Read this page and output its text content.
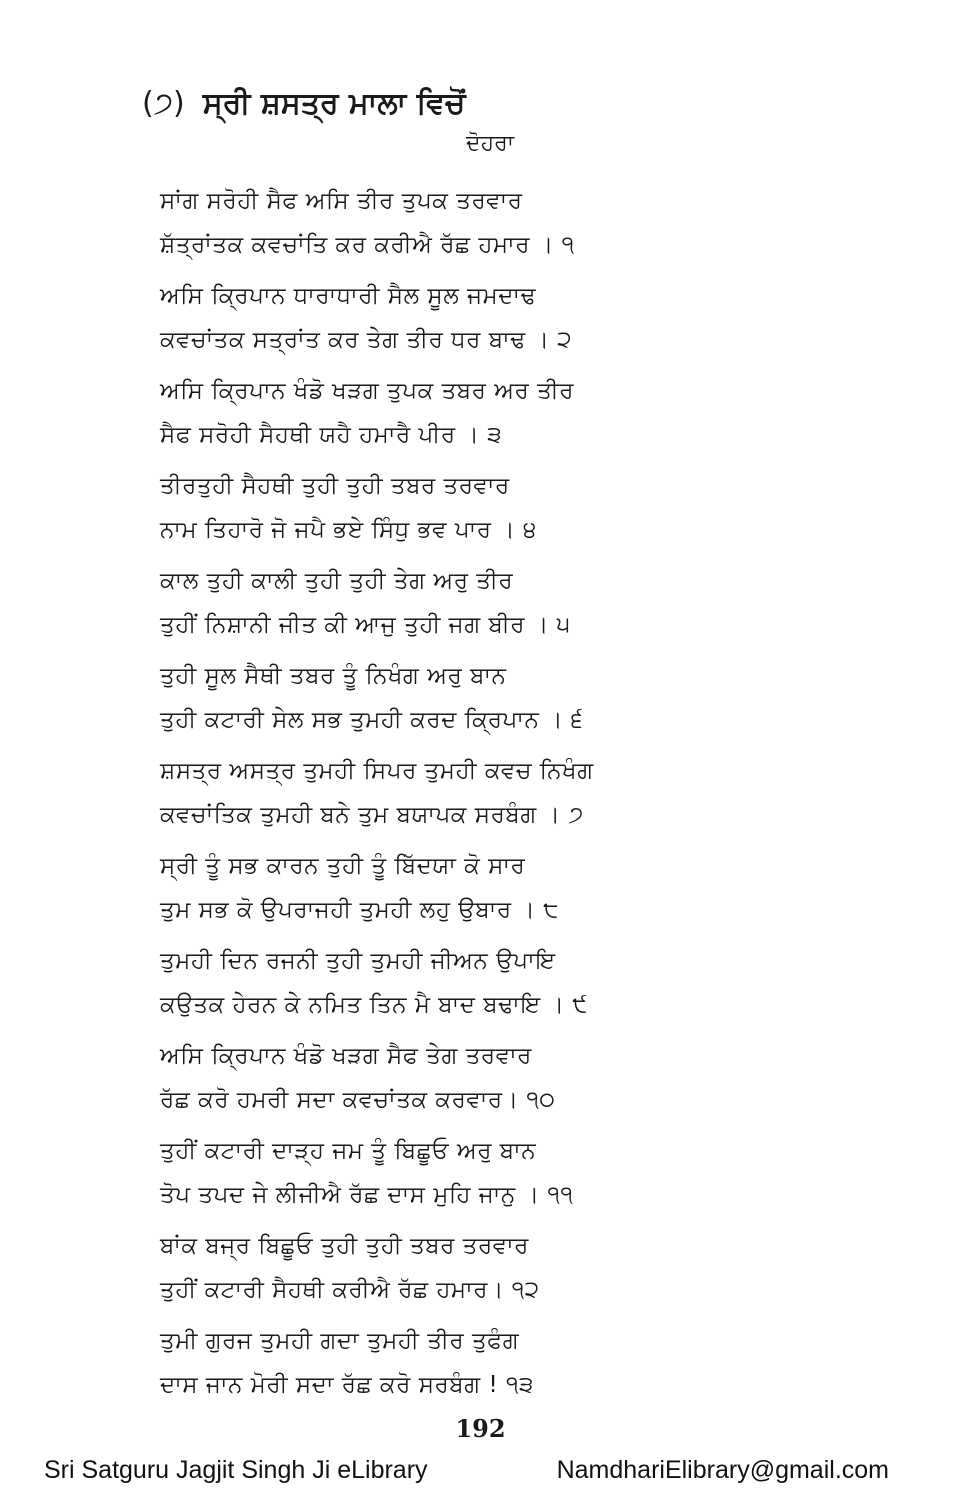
(੭) ਸ੍ਰੀ ਸ਼ਸਤ੍ਰ ਮਾਲਾ ਵਿਚੋਂ
ਦੋਹਰਾ
ਸਾਂਗ ਸਰੋਹੀ ਸੈਫ ਅਸਿ ਤੀਰ ਤੁਪਕ ਤਰਵਾਰ
ਸ਼ੱਤ੍ਰਾਂਤਕ ਕਵਚਾਂਤਿ ਕਰ ਕਰੀਐ ਰੱਛ ਹਮਾਰ । ੧
ਅਸਿ ਕ੍ਰਿਪਾਨ ਧਾਰਾਧਾਰੀ ਸੈਲ ਸੂਲ ਜਮਦਾਢ
ਕਵਚਾਂਤਕ ਸਤ੍ਰਾਂਤ ਕਰ ਤੇਗ ਤੀਰ ਧਰ ਬਾਢ । ੨
ਅਸਿ ਕ੍ਰਿਪਾਨ ਖੰਡੋ ਖੜਗ ਤੁਪਕ ਤਬਰ ਅਰ ਤੀਰ
ਸੈਫ ਸਰੋਹੀ ਸੈਹਥੀ ਯਹੈ ਹਮਾਰੈ ਪੀਰ । ੩
ਤੀਰਤੁਹੀ ਸੈਹਥੀ ਤੁਹੀ ਤੁਹੀ ਤਬਰ ਤਰਵਾਰ
ਨਾਮ ਤਿਹਾਰੋ ਜੋ ਜਪੈ ਭਏ ਸਿੰਧੁ ਭਵ ਪਾਰ । ੪
ਕਾਲ ਤੁਹੀ ਕਾਲੀ ਤੁਹੀ ਤੁਹੀ ਤੇਗ ਅਰੁ ਤੀਰ
ਤੁਹੀਂ ਨਿਸ਼ਾਨੀ ਜੀਤ ਕੀ ਆਜੁ ਤੁਹੀ ਜਗ ਬੀਰ । ੫
ਤੁਹੀ ਸੂਲ ਸੈਥੀ ਤਬਰ ਤੂੰ ਨਿਖੰਗ ਅਰੁ ਬਾਨ
ਤੁਹੀ ਕਟਾਰੀ ਸੇਲ ਸਭ ਤੁਮਹੀ ਕਰਦ ਕ੍ਰਿਪਾਨ । ੬
ਸ਼ਸਤ੍ਰ ਅਸਤ੍ਰ ਤੁਮਹੀ ਸਿਪਰ ਤੁਮਹੀ ਕਵਚ ਨਿਖੰਗ
ਕਵਚਾਂਤਿਕ ਤੁਮਹੀ ਬਨੇ ਤੁਮ ਬਯਾਪਕ ਸਰਬੰਗ । ੭
ਸ੍ਰੀ ਤੂੰ ਸਭ ਕਾਰਨ ਤੁਹੀ ਤੂੰ ਬਿੱਦਯਾ ਕੋ ਸਾਰ
ਤੁਮ ਸਭ ਕੋ ਉਪਰਾਜਹੀ ਤੁਮਹੀ ਲਹੁ ਉਬਾਰ । ੮
ਤੁਮਹੀ ਦਿਨ ਰਜਨੀ ਤੁਹੀ ਤੁਮਹੀ ਜੀਅਨ ਉਪਾਇ
ਕਉਤਕ ਹੇਰਨ ਕੇ ਨਮਿਤ ਤਿਨ ਮੈ ਬਾਦ ਬਢਾਇ । ੯
ਅਸਿ ਕ੍ਰਿਪਾਨ ਖੰਡੋ ਖੜਗ ਸੈਫ ਤੇਗ ਤਰਵਾਰ
ਰੱਛ ਕਰੋ ਹਮਰੀ ਸਦਾ ਕਵਚਾਂਤਕ ਕਰਵਾਰ। ੧੦
ਤੁਹੀਂ ਕਟਾਰੀ ਦਾੜ੍ਹ ਜਮ ਤੂੰ ਬਿਛੂਓ ਅਰੁ ਬਾਨ
ਤੋਪ ਤਪਦ ਜੇ ਲੀਜੀਐ ਰੱਛ ਦਾਸ ਮੁਹਿ ਜਾਨੁ । ੧੧
ਬਾਂਕ ਬਜ੍ਰ ਬਿਛੂਓ ਤੁਹੀ ਤੁਹੀ ਤਬਰ ਤਰਵਾਰ
ਤੁਹੀਂ ਕਟਾਰੀ ਸੈਹਥੀ ਕਰੀਐ ਰੱਛ ਹਮਾਰ। ੧੨
ਤੁਮੀ ਗੁਰਜ ਤੁਮਹੀ ਗਦਾ ਤੁਮਹੀ ਤੀਰ ਤੁਫੰਗ
ਦਾਸ ਜਾਨ ਮੋਰੀ ਸਦਾ ਰੱਛ ਕਰੋ ਸਰਬੰਗ ! ੧੩
192
Sri Satguru Jagjit Singh Ji eLibrary	NamdhariElibrary@gmail.com
